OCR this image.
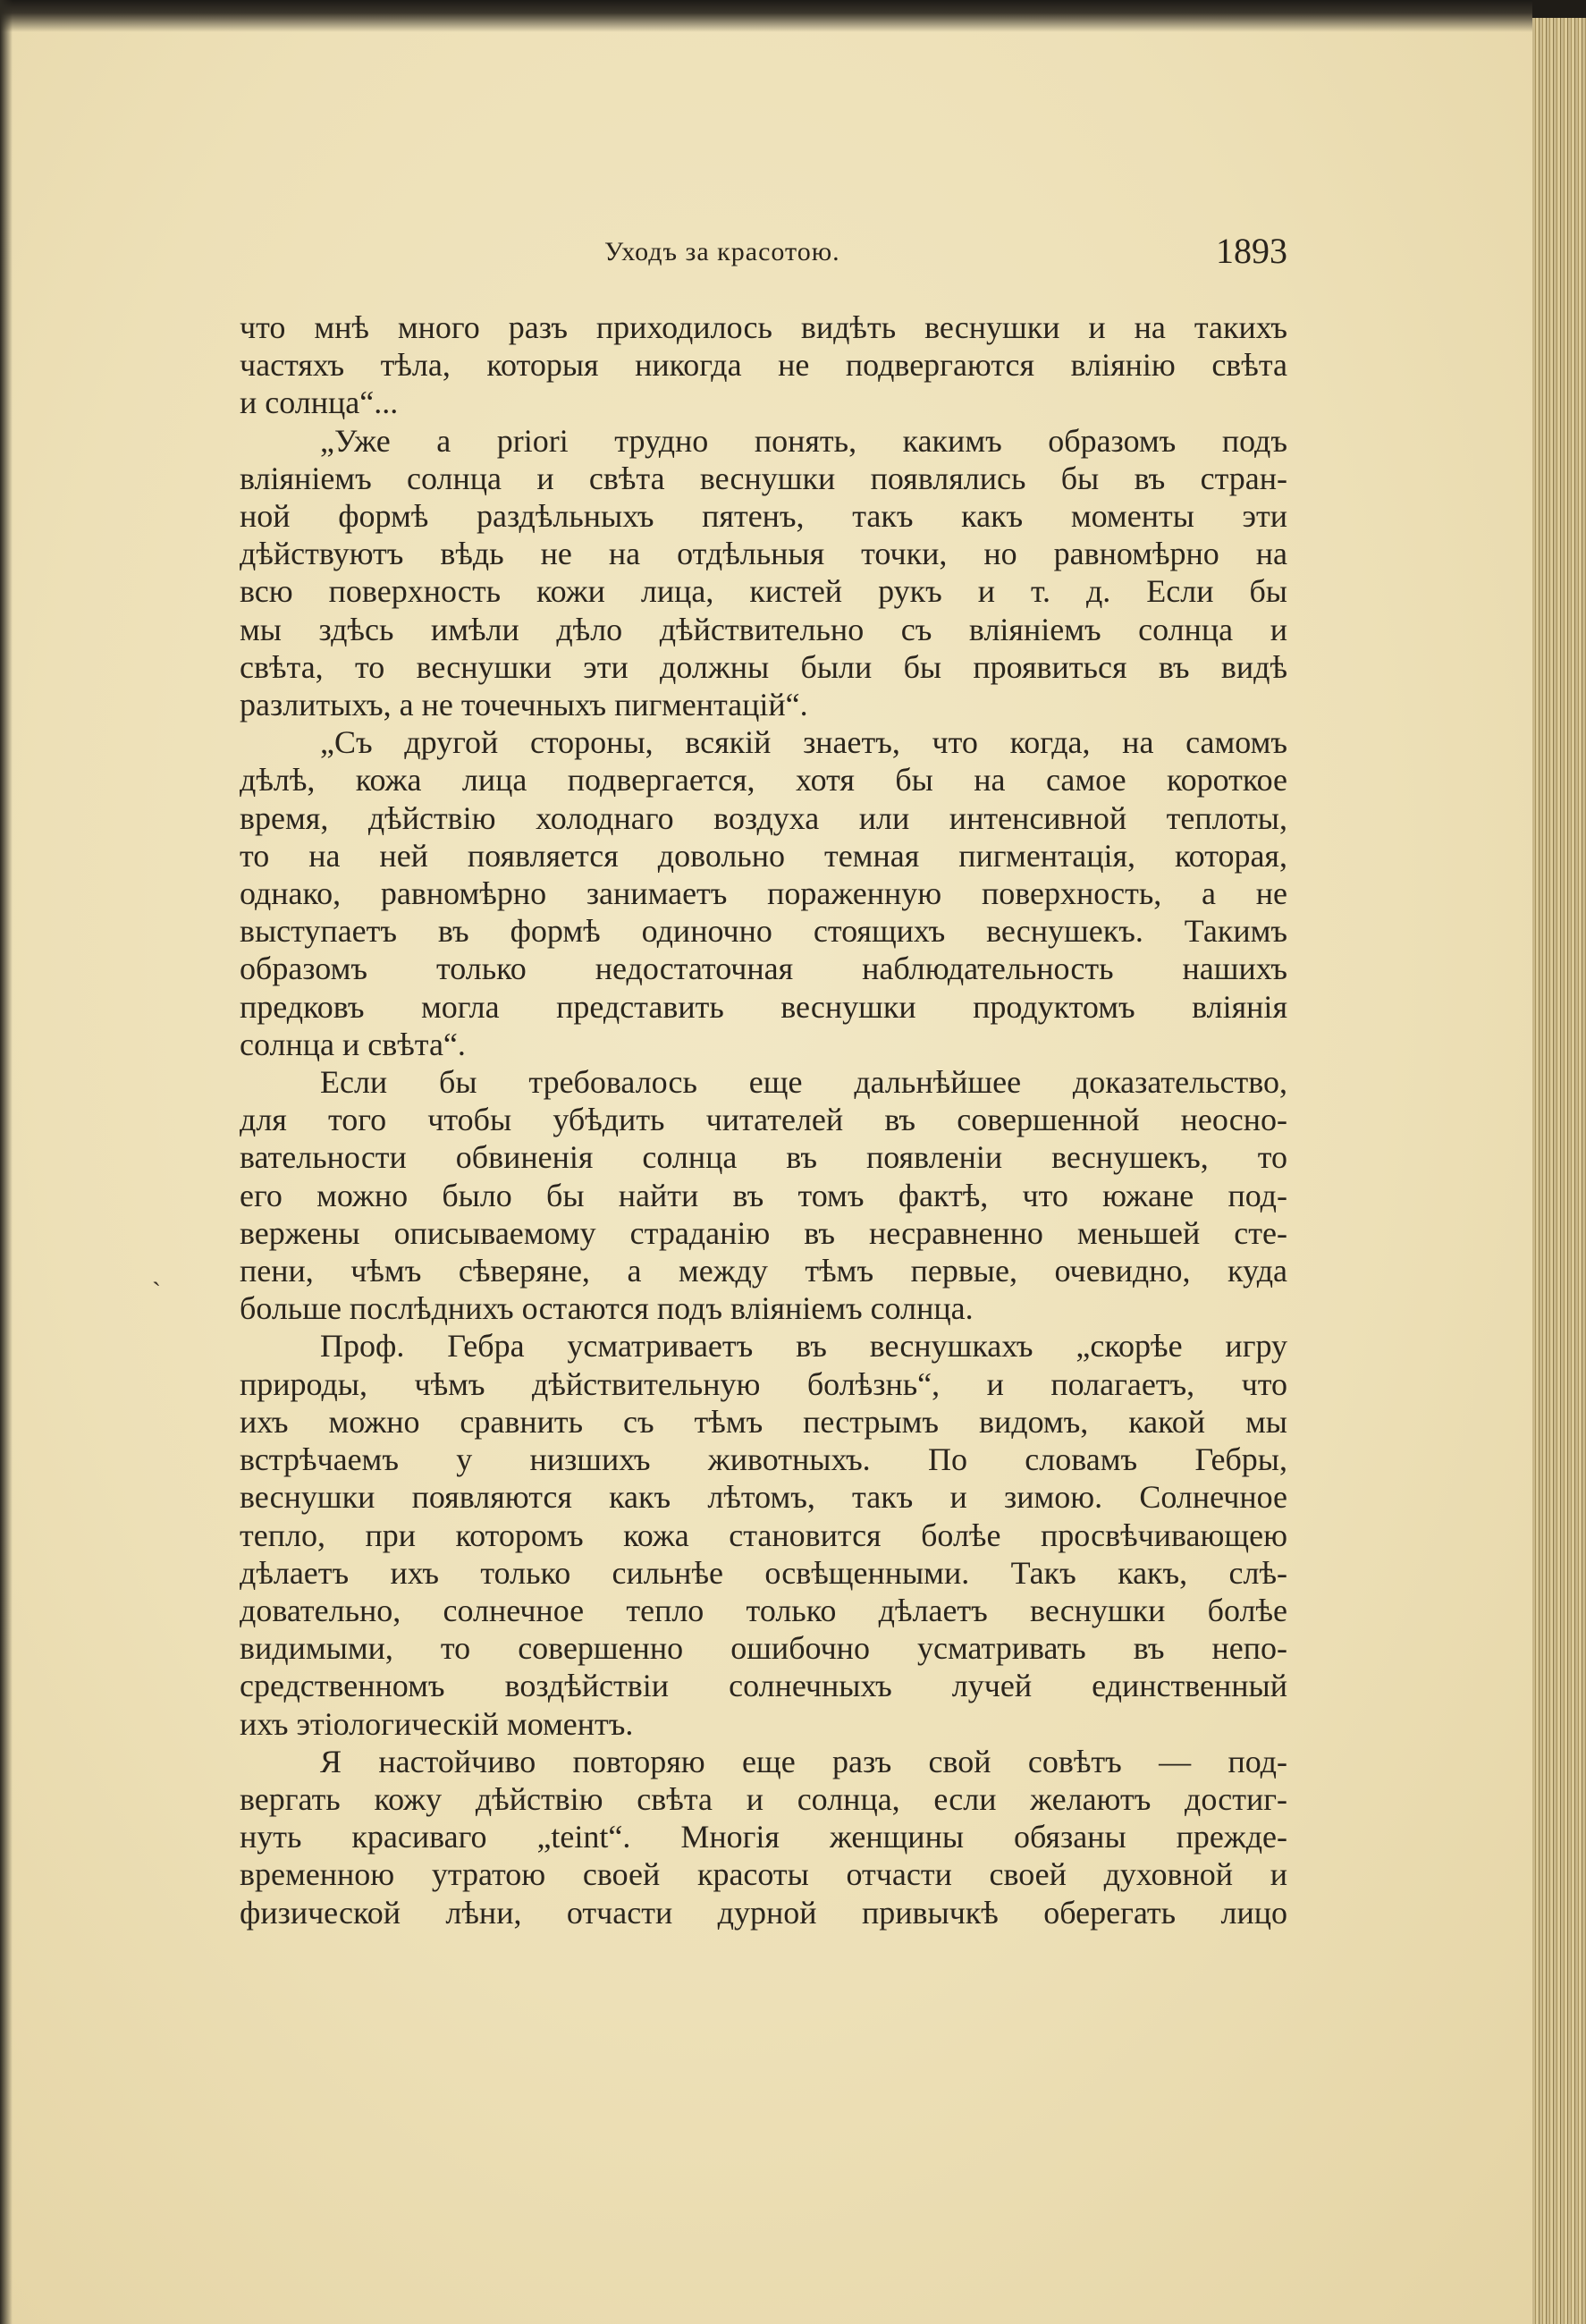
Уходъ за красотою.	1893
что мнѣ много разъ приходилось видѣть веснушки и на такихъ
частяхъ тѣла, которыя никогда не подвергаются вліянію свѣта
и солнца“...
„Уже a priori трудно понять, какимъ образомъ подъ
вліяніемъ солнца и свѣта веснушки появлялись бы въ стран-
ной формѣ раздѣльныхъ пятенъ, такъ какъ моменты эти
дѣйствуютъ вѣдь не на отдѣльныя точки, но равномѣрно на
всю поверхность кожи лица, кистей рукъ и т. д. Если бы
мы здѣсь имѣли дѣло дѣйствительно съ вліяніемъ солнца и
свѣта, то веснушки эти должны были бы проявиться въ видѣ
разлитыхъ, а не точечныхъ пигментацій“.
„Съ другой стороны, всякій знаетъ, что когда, на самомъ
дѣлѣ, кожа лица подвергается, хотя бы на самое короткое
время, дѣйствію холоднаго воздуха или интенсивной теплоты,
то на ней появляется довольно темная пигментація, которая,
однако, равномѣрно занимаетъ пораженную поверхность, а не
выступаетъ въ формѣ одиночно стоящихъ веснушекъ. Такимъ
образомъ только недостаточная наблюдательность нашихъ
предковъ могла представить веснушки продуктомъ вліянія
солнца и свѣта“.
Если бы требовалось еще дальнѣйшее доказательство,
для того чтобы убѣдить читателей въ совершенной неосно-
вательности обвиненія солнца въ появленіи веснушекъ, то
его можно было бы найти въ томъ фактѣ, что южане под-
вержены описываемому страданію въ несравненно меньшей сте-
пени, чѣмъ сѣверяне, а между тѣмъ первые, очевидно, куда
больше послѣднихъ остаются подъ вліяніемъ солнца.
Проф. Гебра усматриваетъ въ веснушкахъ „скорѣе игру
природы, чѣмъ дѣйствительную болѣзнь“, и полагаетъ, что
ихъ можно сравнить съ тѣмъ пестрымъ видомъ, какой мы
встрѣчаемъ у низшихъ животныхъ. По словамъ Гебры,
веснушки появляются какъ лѣтомъ, такъ и зимою. Солнечное
тепло, при которомъ кожа становится болѣе просвѣчивающею
дѣлаетъ ихъ только сильнѣе освѣщенными. Такъ какъ, слѣ-
довательно, солнечное тепло только дѣлаетъ веснушки болѣе
видимыми, то совершенно ошибочно усматривать въ непо-
средственномъ воздѣйствіи солнечныхъ лучей единственный
ихъ этіологическій моментъ.
Я настойчиво повторяю еще разъ свой совѣтъ — под-
вергать кожу дѣйствію свѣта и солнца, если желаютъ достиг-
нуть красиваго „teint“. Многія женщины обязаны прежде-
временною утратою своей красоты отчасти своей духовной и
физической лѣни, отчасти дурной привычкѣ оберегать лицо
ˋ
